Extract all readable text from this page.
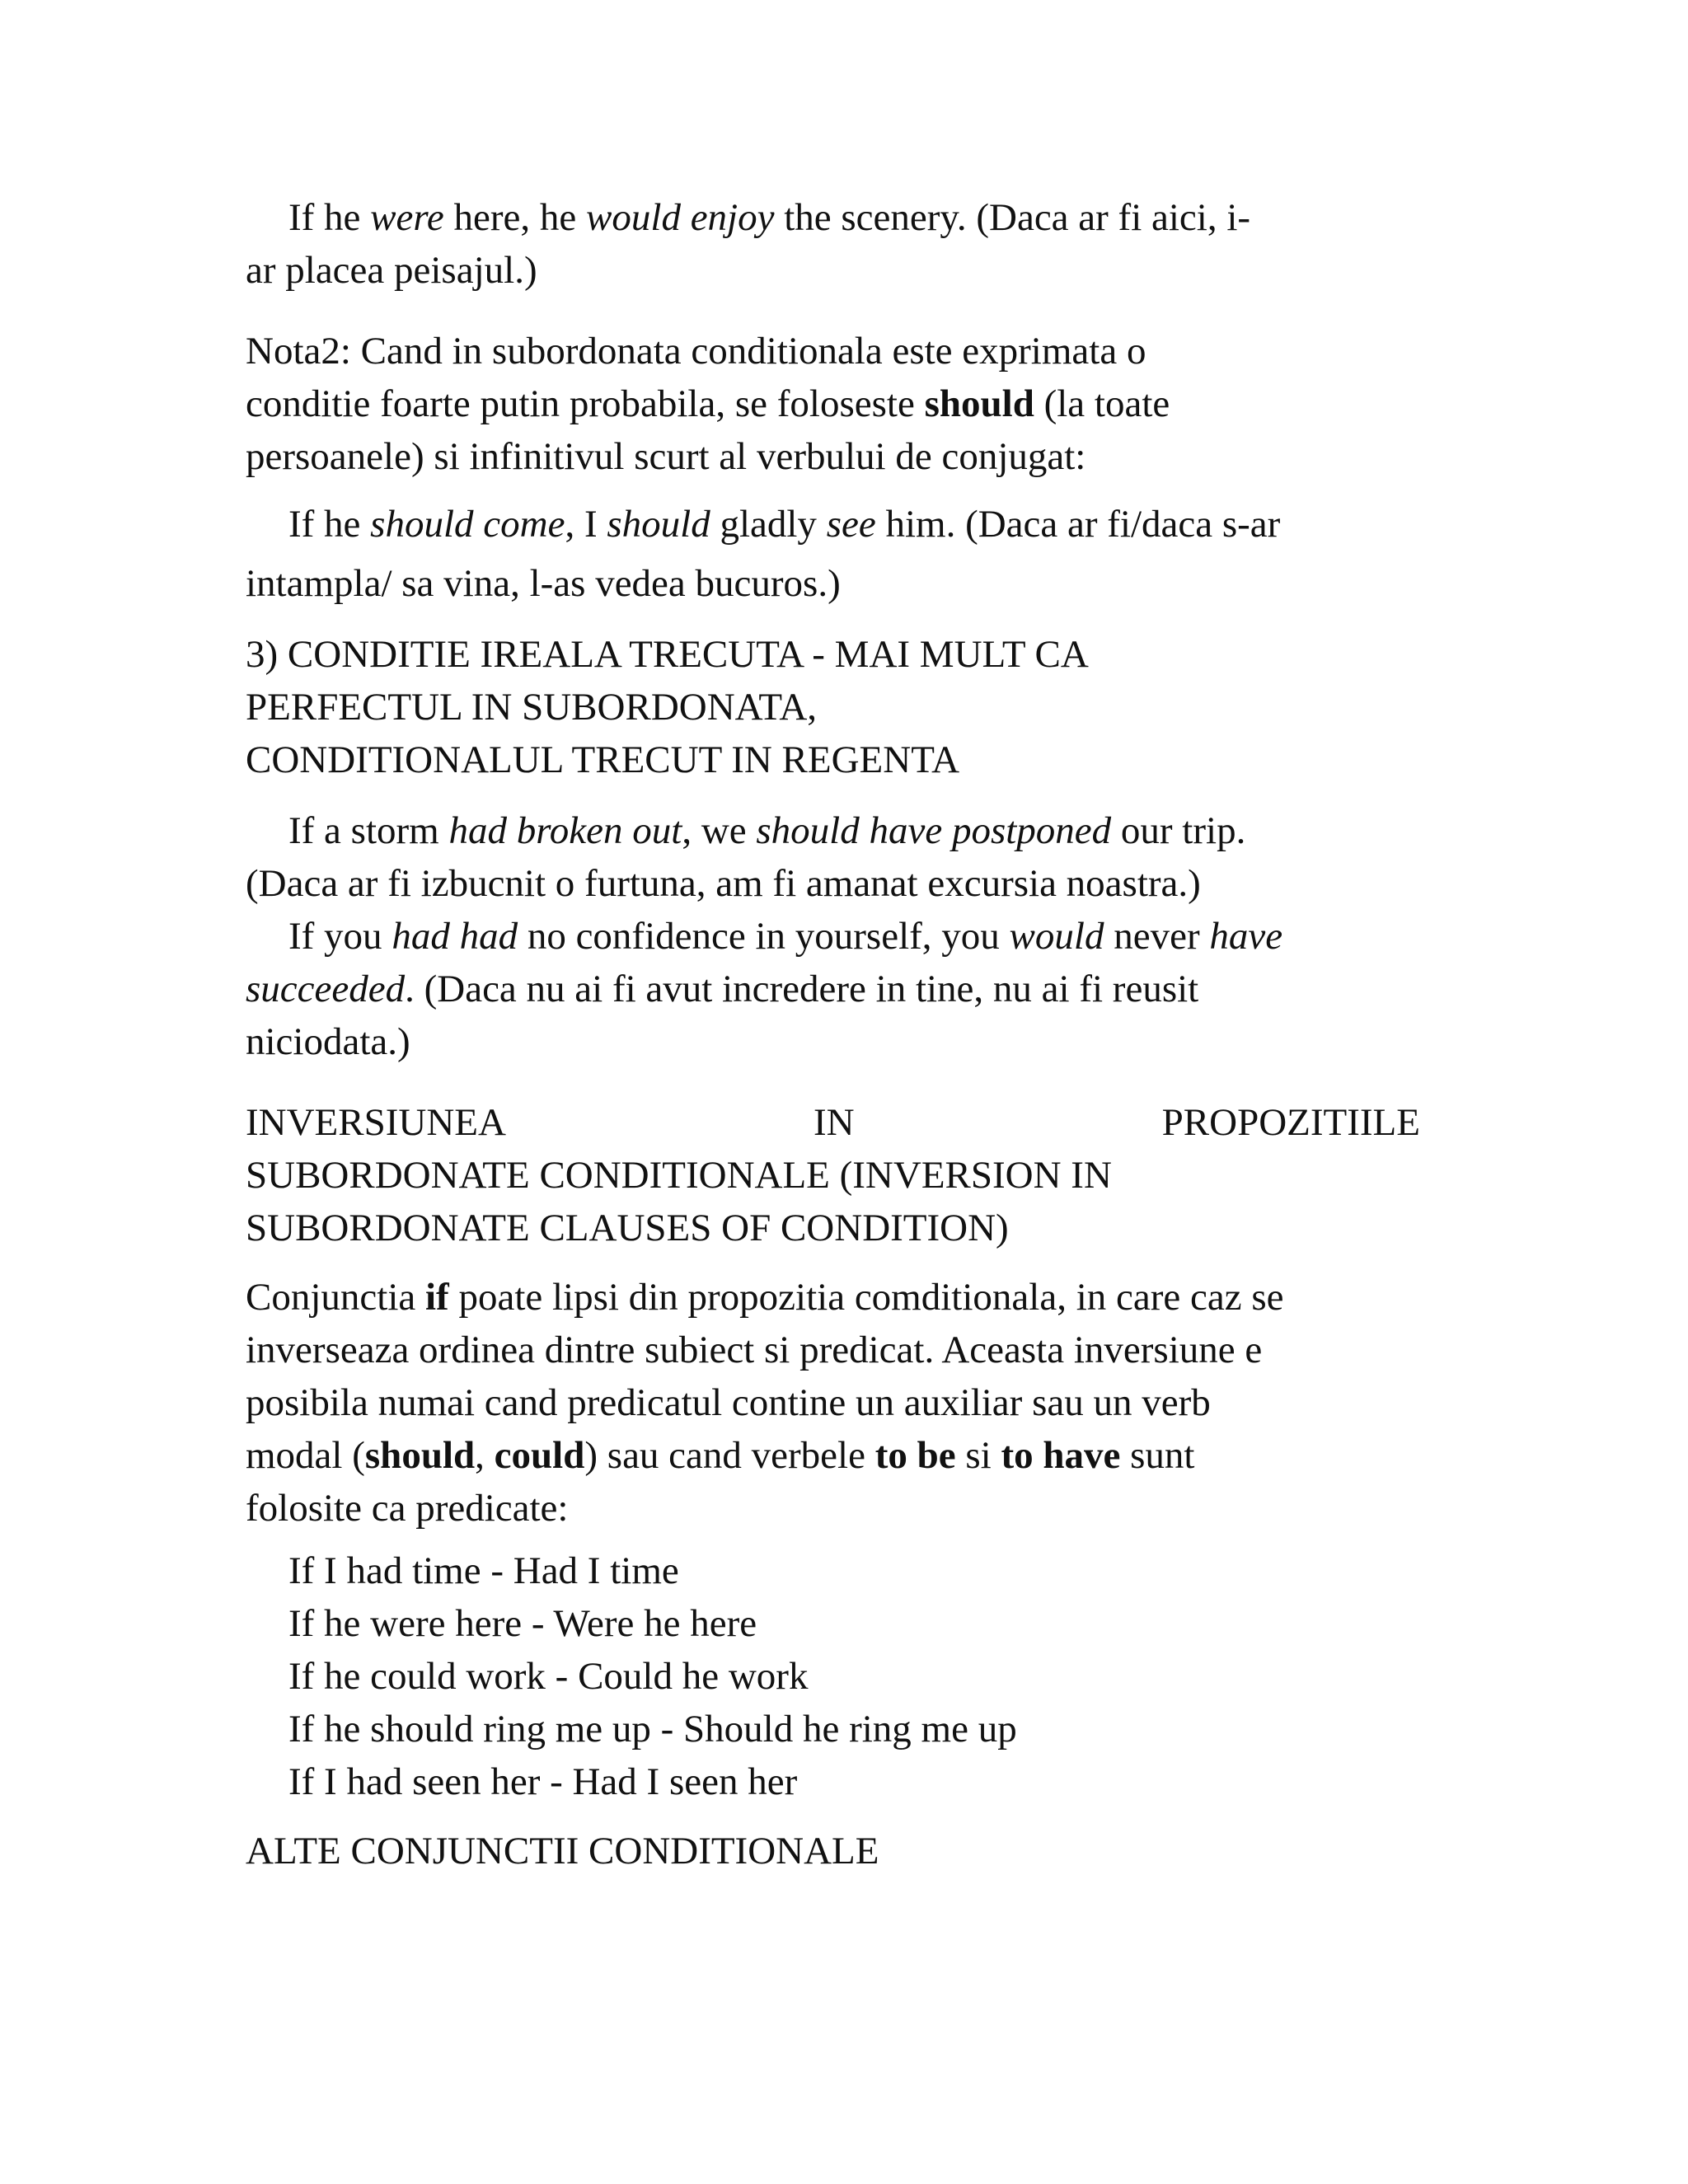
If he were here, he would enjoy the scenery. (Daca ar fi aici, i-
ar placea peisajul.)
Nota2: Cand in subordonata conditionala este exprimata o
conditie foarte putin probabila, se foloseste should (la toate
persoanele) si infinitivul scurt al verbului de conjugat:
If he should come, I should gladly see him. (Daca ar fi/daca s-ar
intampla/ sa vina, l-as vedea bucuros.)
3) CONDITIE IREALA TRECUTA - MAI MULT CA
PERFECTUL IN SUBORDONATA,
CONDITIONALUL TRECUT IN REGENTA
If a storm had broken out, we should have postponed our trip.
(Daca ar fi izbucnit o furtuna, am fi amanat excursia noastra.)
If you had had no confidence in yourself, you would never have
succeeded. (Daca nu ai fi avut incredere in tine, nu ai fi reusit
niciodata.)
INVERSIUNEA	IN	PROPOZITIILE
SUBORDONATE CONDITIONALE (INVERSION IN
SUBORDONATE CLAUSES OF CONDITION)
Conjunctia if poate lipsi din propozitia comditionala, in care caz se
inverseaza ordinea dintre subiect si predicat. Aceasta inversiune e
posibila numai cand predicatul contine un auxiliar sau un verb
modal (should, could) sau cand verbele to be si to have sunt
folosite ca predicate:
If I had time - Had I time
If he were here - Were he here
If he could work - Could he work
If he should ring me up - Should he ring me up
If I had seen her - Had I seen her
ALTE CONJUNCTII CONDITIONALE
